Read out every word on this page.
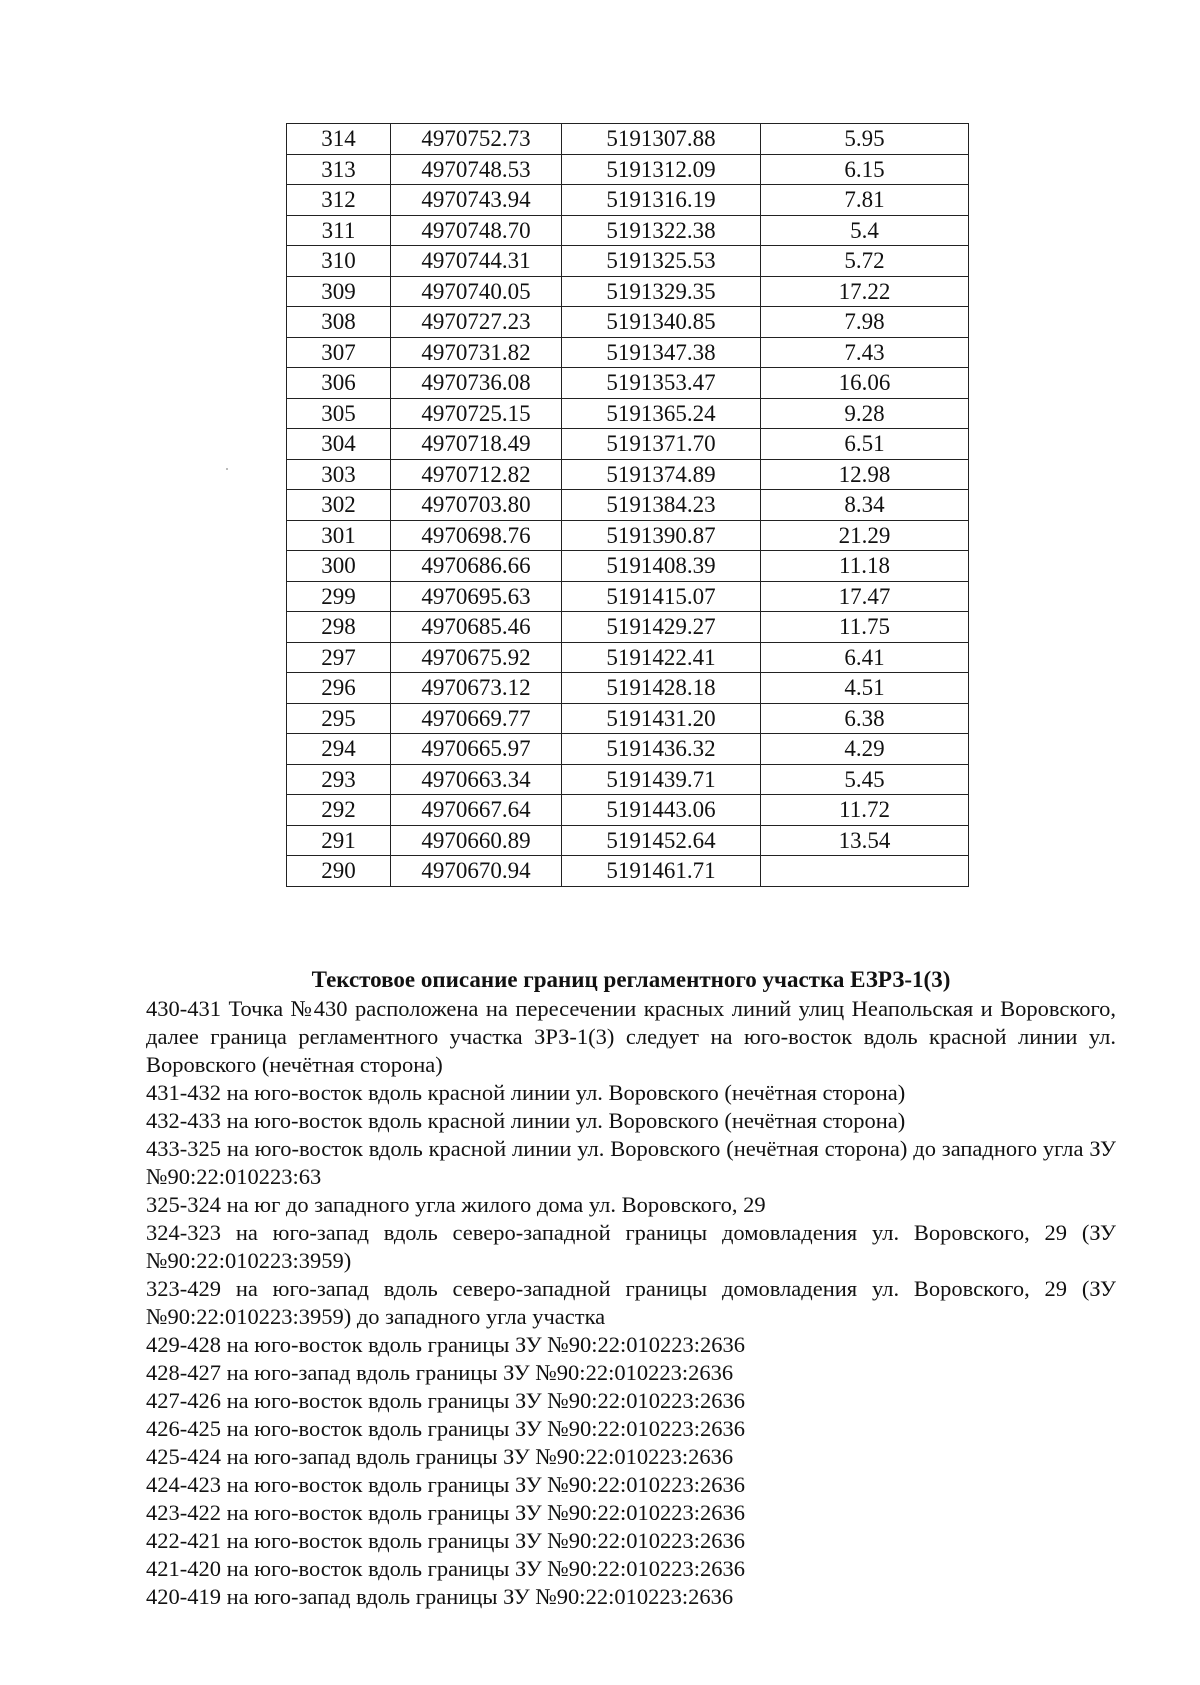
314	4970752.73	5191307.88	5.95
313	4970748.53	5191312.09	6.15
312	4970743.94	5191316.19	7.81
311	4970748.70	5191322.38	5.4
310	4970744.31	5191325.53	5.72
309	4970740.05	5191329.35	17.22
308	4970727.23	5191340.85	7.98
307	4970731.82	5191347.38	7.43
306	4970736.08	5191353.47	16.06
305	4970725.15	5191365.24	9.28
304	4970718.49	5191371.70	6.51
303	4970712.82	5191374.89	12.98
302	4970703.80	5191384.23	8.34
301	4970698.76	5191390.87	21.29
300	4970686.66	5191408.39	11.18
299	4970695.63	5191415.07	17.47
298	4970685.46	5191429.27	11.75
297	4970675.92	5191422.41	6.41
296	4970673.12	5191428.18	4.51
295	4970669.77	5191431.20	6.38
294	4970665.97	5191436.32	4.29
293	4970663.34	5191439.71	5.45
292	4970667.64	5191443.06	11.72
291	4970660.89	5191452.64	13.54
290	4970670.94	5191461.71	
Текстовое описание границ регламентного участка ЕЗРЗ-1(3)

430-431 Точка №430 расположена на пересечении красных линий улиц Неапольская и Воровского, далее граница регламентного участка ЗРЗ-1(3) следует на юго-восток вдоль красной линии ул. Воровского (нечётная сторона)

431-432 на юго-восток вдоль красной линии ул. Воровского (нечётная сторона)

432-433 на юго-восток вдоль красной линии ул. Воровского (нечётная сторона)

433-325 на юго-восток вдоль красной линии ул. Воровского (нечётная сторона) до западного угла ЗУ №90:22:010223:63

325-324 на юг до западного угла жилого дома ул. Воровского, 29

324-323 на юго-запад вдоль северо-западной границы домовладения ул. Воровского, 29 (ЗУ №90:22:010223:3959)

323-429 на юго-запад вдоль северо-западной границы домовладения ул. Воровского, 29 (ЗУ №90:22:010223:3959) до западного угла участка

429-428 на юго-восток вдоль границы ЗУ №90:22:010223:2636

428-427 на юго-запад вдоль границы ЗУ №90:22:010223:2636

427-426 на юго-восток вдоль границы ЗУ №90:22:010223:2636

426-425 на юго-восток вдоль границы ЗУ №90:22:010223:2636

425-424 на юго-запад вдоль границы ЗУ №90:22:010223:2636

424-423 на юго-восток вдоль границы ЗУ №90:22:010223:2636

423-422 на юго-восток вдоль границы ЗУ №90:22:010223:2636

422-421 на юго-восток вдоль границы ЗУ №90:22:010223:2636

421-420 на юго-восток вдоль границы ЗУ №90:22:010223:2636

420-419 на юго-запад вдоль границы ЗУ №90:22:010223:2636
